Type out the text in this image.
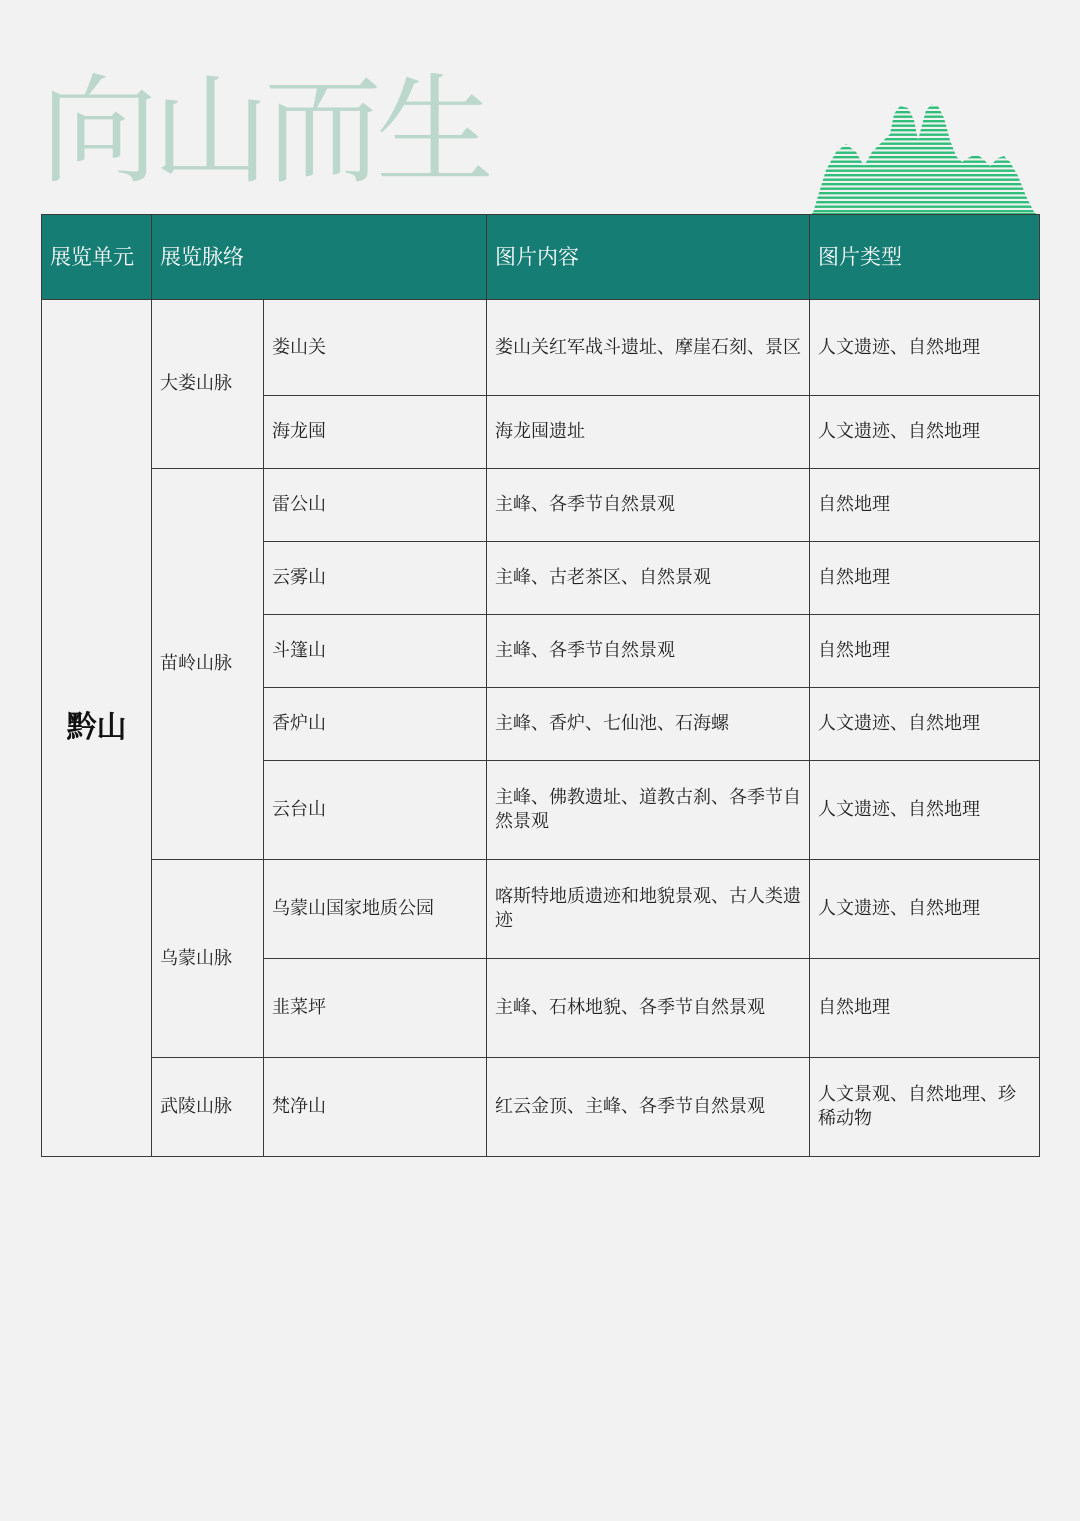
向山而生
展览单元	展览脉络		图片内容	图片类型
黔山	大娄山脉	娄山关	娄山关红军战斗遗址、摩崖石刻、景区	人文遗迹、自然地理
		海龙囤	海龙囤遗址	人文遗迹、自然地理
	苗岭山脉	雷公山	主峰、各季节自然景观	自然地理
		云雾山	主峰、古老茶区、自然景观	自然地理
		斗篷山	主峰、各季节自然景观	自然地理
		香炉山	主峰、香炉、七仙池、石海螺	人文遗迹、自然地理
		云台山	主峰、佛教遗址、道教古刹、各季节自然景观	人文遗迹、自然地理
	乌蒙山脉	乌蒙山国家地质公园	喀斯特地质遗迹和地貌景观、古人类遗迹	人文遗迹、自然地理
		韭菜坪	主峰、石林地貌、各季节自然景观	自然地理
	武陵山脉	梵净山	红云金顶、主峰、各季节自然景观	人文景观、自然地理、珍稀动物
